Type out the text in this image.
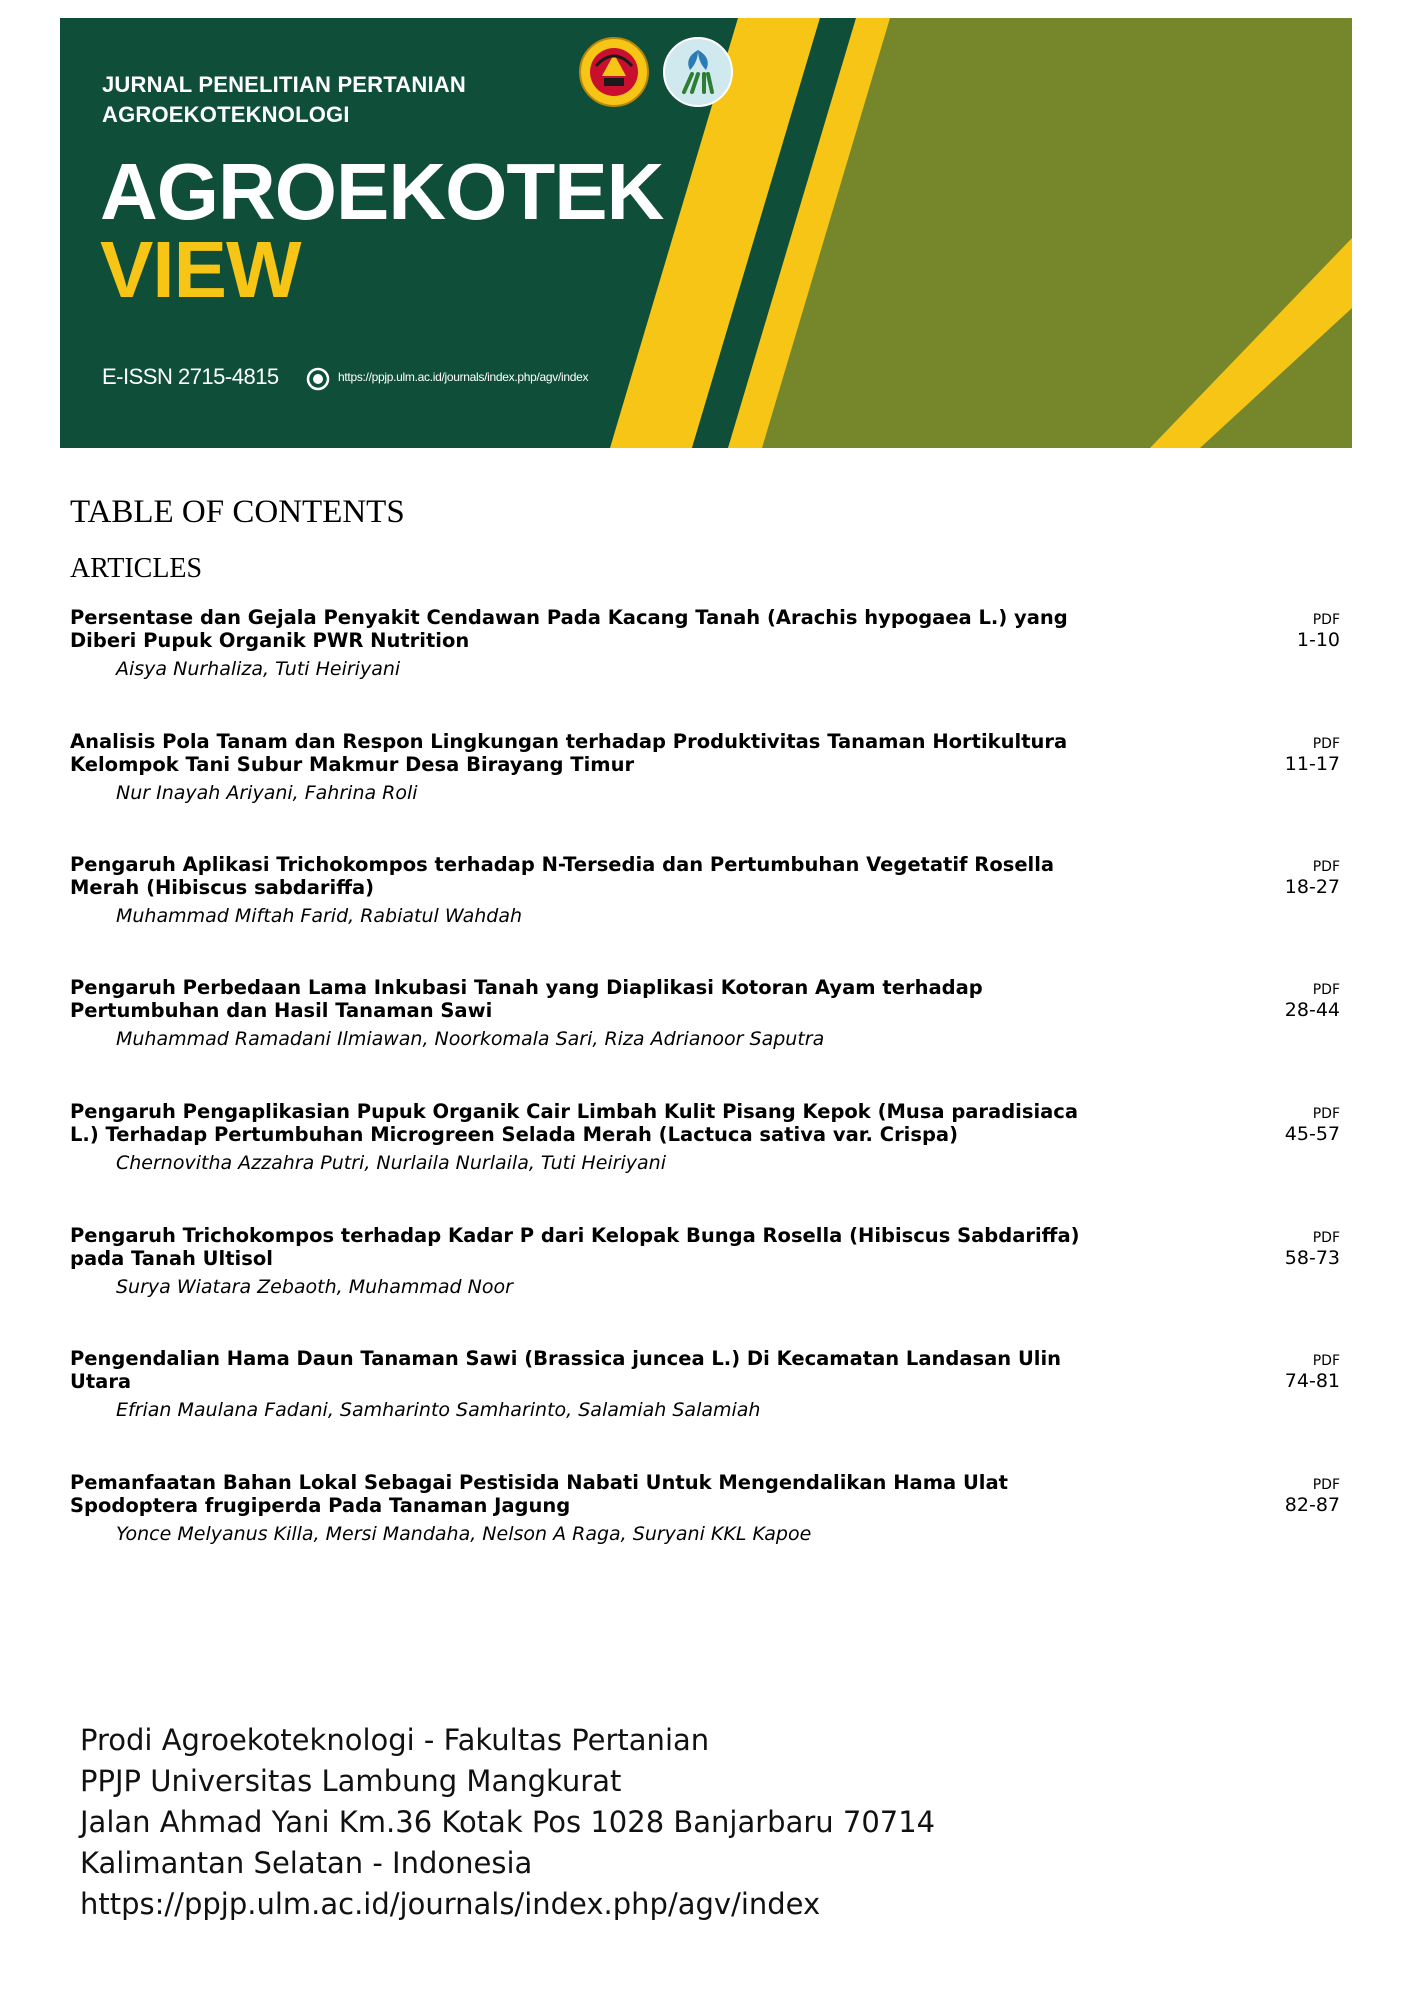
JURNAL PENELITIAN PERTANIAN
AGROEKOTEKNOLOGI
AGROEKOTEK
VIEW
E-ISSN 2715-4815	https://ppjp.ulm.ac.id/journals/index.php/agv/index
TABLE OF CONTENTS
ARTICLES
Persentase dan Gejala Penyakit Cendawan Pada Kacang Tanah (Arachis hypogaea L.) yang Diberi Pupuk Organik PWR Nutrition
Aisya Nurhaliza, Tuti Heiriyani
PDF
1-10
Analisis Pola Tanam dan Respon Lingkungan terhadap Produktivitas Tanaman Hortikultura Kelompok Tani Subur Makmur Desa Birayang Timur
Nur Inayah Ariyani, Fahrina Roli
PDF
11-17
Pengaruh Aplikasi Trichokompos terhadap N-Tersedia dan Pertumbuhan Vegetatif Rosella Merah (Hibiscus sabdariffa)
Muhammad Miftah Farid, Rabiatul Wahdah
PDF
18-27
Pengaruh Perbedaan Lama Inkubasi Tanah yang Diaplikasi Kotoran Ayam terhadap Pertumbuhan dan Hasil Tanaman Sawi
Muhammad Ramadani Ilmiawan, Noorkomala Sari, Riza Adrianoor Saputra
PDF
28-44
Pengaruh Pengaplikasian Pupuk Organik Cair Limbah Kulit Pisang Kepok (Musa paradisiaca L.) Terhadap Pertumbuhan Microgreen Selada Merah (Lactuca sativa var. Crispa)
Chernovitha Azzahra Putri, Nurlaila Nurlaila, Tuti Heiriyani
PDF
45-57
Pengaruh Trichokompos terhadap Kadar P dari Kelopak Bunga Rosella (Hibiscus Sabdariffa) pada Tanah Ultisol
Surya Wiatara Zebaoth, Muhammad Noor
PDF
58-73
Pengendalian Hama Daun Tanaman Sawi (Brassica juncea L.) Di Kecamatan Landasan Ulin Utara
Efrian Maulana Fadani, Samharinto Samharinto, Salamiah Salamiah
PDF
74-81
Pemanfaatan Bahan Lokal Sebagai Pestisida Nabati Untuk Mengendalikan Hama Ulat Spodoptera frugiperda Pada Tanaman Jagung
Yonce Melyanus Killa, Mersi Mandaha, Nelson A Raga, Suryani KKL Kapoe
PDF
82-87
Prodi Agroekoteknologi - Fakultas Pertanian
PPJP Universitas Lambung Mangkurat
Jalan Ahmad Yani Km.36 Kotak Pos 1028 Banjarbaru 70714
Kalimantan Selatan - Indonesia
https://ppjp.ulm.ac.id/journals/index.php/agv/index
